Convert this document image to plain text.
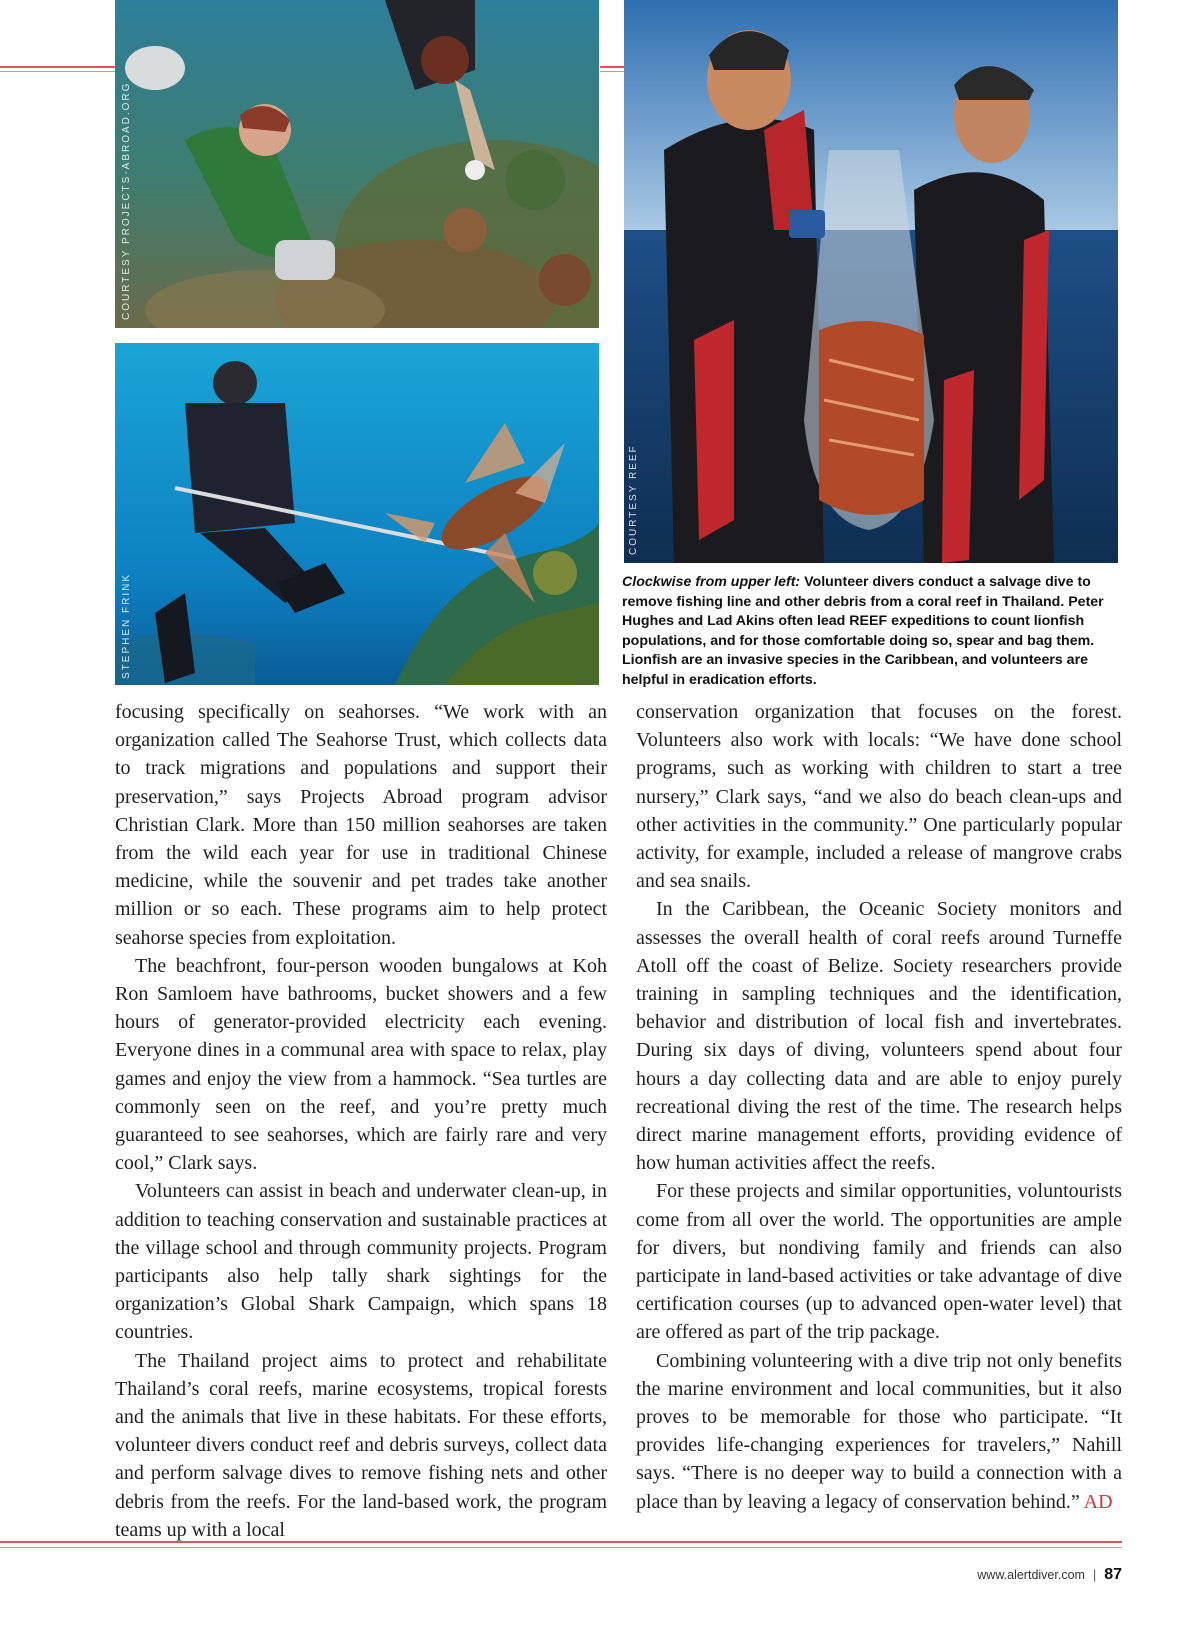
COURTESY PROJECTS-ABROAD.ORG
STEPHEN FRINK
COURTESY REEF
Clockwise from upper left: Volunteer divers conduct a salvage dive to remove fishing line and other debris from a coral reef in Thailand. Peter Hughes and Lad Akins often lead REEF expeditions to count lionfish populations, and for those comfortable doing so, spear and bag them. Lionfish are an invasive species in the Caribbean, and volunteers are helpful in eradication efforts.

focusing specifically on seahorses. “We work with an organization called The Seahorse Trust, which collects data to track migrations and populations and support their preservation,” says Projects Abroad program advisor Christian Clark. More than 150 million seahorses are taken from the wild each year for use in traditional Chinese medicine, while the souvenir and pet trades take another million or so each. These programs aim to help protect seahorse species from exploitation.

The beachfront, four-person wooden bungalows at Koh Ron Samloem have bathrooms, bucket showers and a few hours of generator-provided electricity each evening. Everyone dines in a communal area with space to relax, play games and enjoy the view from a hammock. “Sea turtles are commonly seen on the reef, and you’re pretty much guaranteed to see seahorses, which are fairly rare and very cool,” Clark says.

Volunteers can assist in beach and underwater clean-up, in addition to teaching conservation and sustainable practices at the village school and through community projects. Program participants also help tally shark sightings for the organization’s Global Shark Campaign, which spans 18 countries.

The Thailand project aims to protect and rehabilitate Thailand’s coral reefs, marine ecosystems, tropical forests and the animals that live in these habitats. For these efforts, volunteer divers conduct reef and debris surveys, collect data and perform salvage dives to remove fishing nets and other debris from the reefs. For the land-based work, the program teams up with a local

conservation organization that focuses on the forest. Volunteers also work with locals: “We have done school programs, such as working with children to start a tree nursery,” Clark says, “and we also do beach clean-ups and other activities in the community.” One particularly popular activity, for example, included a release of mangrove crabs and sea snails.

In the Caribbean, the Oceanic Society monitors and assesses the overall health of coral reefs around Turneffe Atoll off the coast of Belize. Society researchers provide training in sampling techniques and the identification, behavior and distribution of local fish and invertebrates. During six days of diving, volunteers spend about four hours a day collecting data and are able to enjoy purely recreational diving the rest of the time. The research helps direct marine management efforts, providing evidence of how human activities affect the reefs.

For these projects and similar opportunities, voluntourists come from all over the world. The opportunities are ample for divers, but nondiving family and friends can also participate in land-based activities or take advantage of dive certification courses (up to advanced open-water level) that are offered as part of the trip package.

Combining volunteering with a dive trip not only benefits the marine environment and local communities, but it also proves to be memorable for those who participate. “It provides life-changing experiences for travelers,” Nahill says. “There is no deeper way to build a connection with a place than by leaving a legacy of conservation behind.” AD

www.alertdiver.com | 87
